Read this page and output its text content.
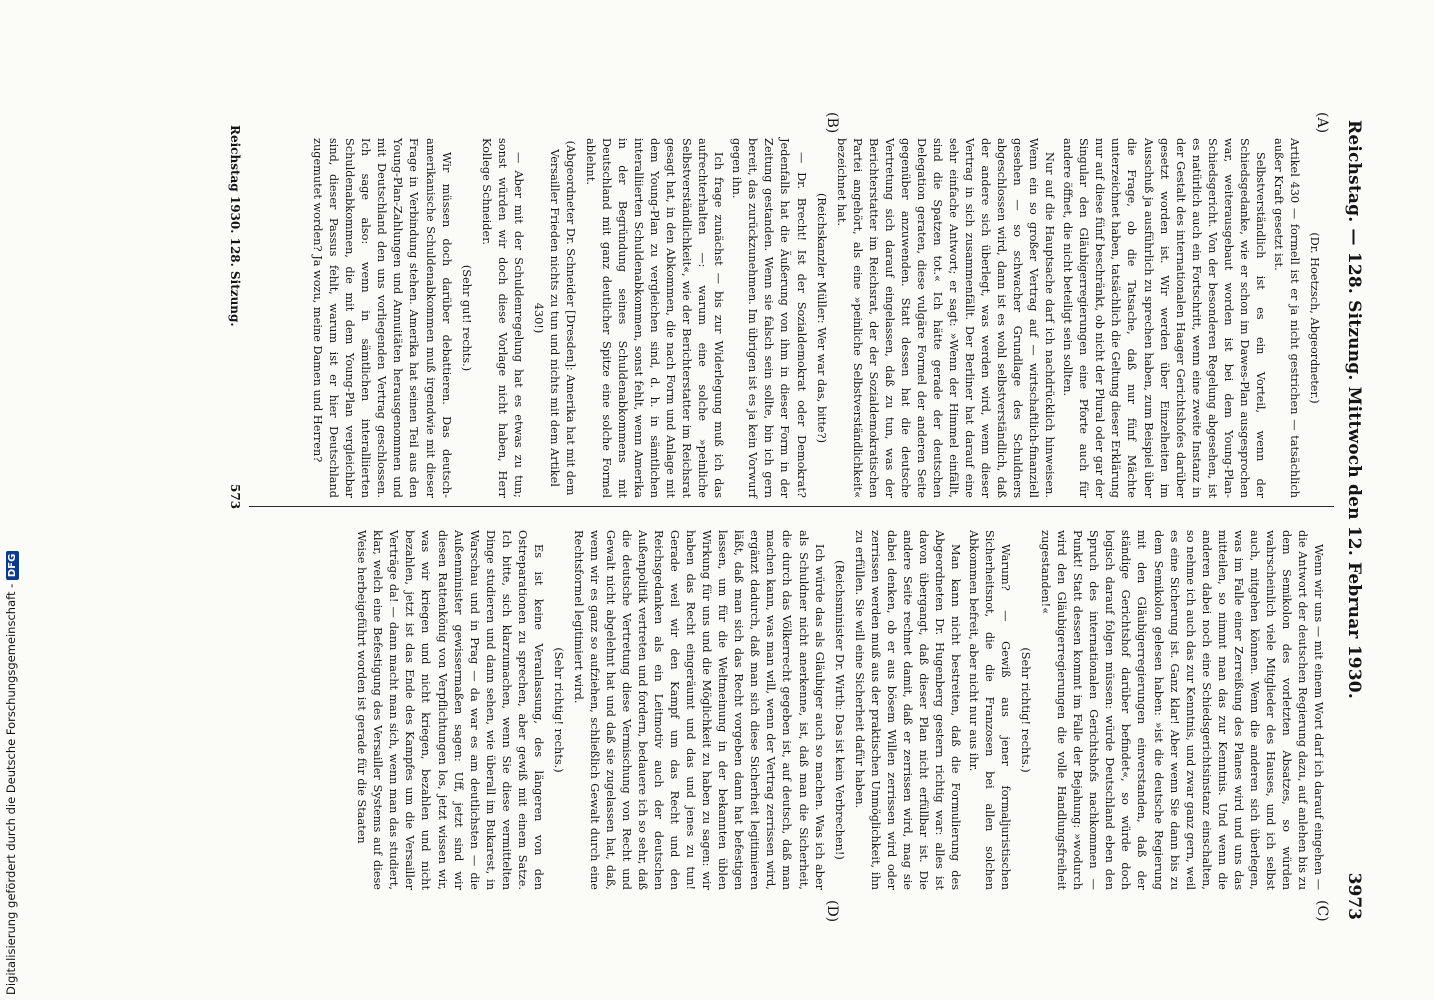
Reichstag. — 128. Sitzung. Mittwoch den 12. Februar 1930.
3973
(A)
(B)
(C)
(D)

(Dr. Hoetzsch, Abgeordneter.)

Artikel 430 — formell ist er ja nicht gestrichen — tatsächlich außer Kraft gesetzt ist.

Selbstverständlich ist es ein Vorteil, wenn der Schiedsgedanke, wie er schon im Dawes-Plan ausgesprochen war, weiterausgebaut worden ist bei dem Young-Plan-Schiedsgericht. Von der besonderen Regelung abgesehen, ist es natürlich auch ein Fortschritt, wenn eine zweite Instanz in der Gestalt des internationalen Haager Gerichtshofes darüber gesetzt worden ist. Wir werden über Einzelheiten im Ausschuß ja ausführlich zu sprechen haben, zum Beispiel über die Frage, ob die Tatsache, daß nur fünf Mächte unterzeichnet haben, tatsächlich die Geltung dieser Erklärung nur auf diese fünf beschränkt, ob nicht der Plural oder gar der Singular den Gläubigerregierungen eine Pforte auch für andere öffnet, die nicht beteiligt sein sollten.

Nur auf die Hauptsache darf ich nachdrücklich hinweisen. Wenn ein so großer Vertrag auf — wirtschaftlich-finanziell gesehen — so schwacher Grundlage des Schuldners abgeschlossen wird, dann ist es wohl selbstverständlich, daß der andere sich überlegt, was werden wird, wenn dieser Vertrag in sich zusammenfällt. Der Berliner hat darauf eine sehr einfache Antwort; er sagt: »Wenn der Himmel einfällt, sind die Spatzen tot.« Ich hätte gerade der deutschen Delegation geraten, diese vulgäre Formel der anderen Seite gegenüber anzuwenden. Statt dessen hat die deutsche Vertretung sich darauf eingelassen, daß zu tun, was der Berichterstatter im Reichsrat, der der Sozialdemokratischen Partei angehört, als eine »peinliche Selbstverständlichkeit« bezeichnet hat.

(Reichskanzler Müller: Wer war das, bitte?)

— Dr. Brecht! Ist der Sozialdemokrat oder Demokrat? Jedenfalls hat die Äußerung von ihm in dieser Form in der Zeitung gestanden. Wenn sie falsch sein sollte, bin ich gern bereit, das zurückzunehmen. Im übrigen ist es ja kein Vorwurf gegen ihn.

Ich frage zunächst — bis zur Widerlegung muß ich das aufrechterhalten —: warum eine solche »peinliche Selbstverständlichkeit«, wie der Berichterstatter im Reichsrat gesagt hat, in den Abkommen, die nach Form und Anlage mit dem Young-Plan zu vergleichen sind, d. h. in sämtlichen interalliierten Schuldenabkommen, sonst fehlt, wenn Amerika in der Begründung seines Schuldenabkommens mit Deutschland mit ganz deutlicher Spitze eine solche Formel ablehnt.

(Abgeordneter Dr. Schneider [Dresden]: Amerika hat mit dem Versailler Frieden nichts zu tun und nichts mit dem Artikel 430!)

— Aber mit der Schuldenregelung hat es etwas zu tun; sonst würden wir doch diese Vorlage nicht haben, Herr Kollege Schneider.

(Sehr gut! rechts.)

Wir müssen doch darüber debattieren. Das deutsch-amerikanische Schuldenabkommen muß irgendwie mit dieser Frage in Verbindung stehen. Amerika hat seinen Teil aus den Young-Plan-Zahlungen und Annuitäten herausgenommen und mit Deutschland den uns vorliegenden Vertrag geschlossen. Ich sage also: wenn in sämtlichen interalliierten Schuldenabkommen, die mit dem Young-Plan vergleichbar sind, dieser Passus fehlt, warum ist er hier Deutschland zugemutet worden? Ja wozu, meine Damen und Herren?

Wenn wir uns — mit einem Wort darf ich darauf eingehen — die Antwort der deutschen Regierung dazu, auf anlehen bis zu dem Semikolon des vorletzten Absatzes, so würden wahrscheinlich viele Mitglieder des Hauses, und ich selbst auch, mitgehen können. Wenn die anderen sich überlegen, was im Falle einer Zerreißung des Planes wird und uns das mitteilen, so nimmt man das zur Kenntnis. Und wenn die anderen dabei noch eine Schiedsgerichtsinstanz einschalten, so nehme ich auch das zur Kenntnis, und zwar ganz gern, weil es eine Sicherung ist. Ganz klar! Aber wenn Sie dann bis zu dem Semikolon gelesen haben: »ist die deutsche Regierung mit den Gläubigerregierungen einverstanden, daß der ständige Gerichtshof darüber befindet«, so würde doch logisch darauf folgen müssen: würde Deutschland eben den Spruch des internationalen Gerichtshofs nachkommen — Punkt! Statt dessen kommt im Falle der Bejahung: »wodurch wird den Gläubigerregierungen die volle Handlungsfreiheit zugestanden!«

(Sehr richtig! rechts.)

Warum? — Gewiß aus jener formaljuristischen Sicherheitsnot, die die Franzosen bei allen solchen Abkommen befreit, aber nicht nur aus ihr.

Man kann nicht bestreiten, daß die Formulierung des Abgeordneten Dr. Hugenberg gestern richtig war: alles ist davon übergangt, daß dieser Plan nicht erfüllbar ist. Die andere Seite rechnet damit, daß er zerrissen wird, mag sie dabei denken, ob er aus bösem Willen zerrissen wird oder zerrissen werden muß aus der praktischen Unmöglichkeit, ihn zu erfüllen. Sie will eine Sicherheit dafür haben.

(Reichsminister Dr. Wirth: Das ist kein Verbrechen!)

Ich würde das als Gläubiger auch so machen. Was ich aber als Schuldner nicht anerkenne, ist, daß man die Sicherheit, die durch das Völkerrecht gegeben ist, auf deutsch, daß man machen kann, was man will, wenn der Vertrag zerrissen wird, ergänzt dadurch, daß man sich diese Sicherheit legitimieren läßt, daß man sich das Recht vorgeben dann hat befestigen lassen, um für die Weltmeinung in der bekannten üblen Wirkung für uns und die Möglichkeit zu haben zu sagen: wir haben das Recht eingeräumt und das und jenes zu tun! Gerade weil wir den Kampf um das Recht und den Reichsgedanken als ein Leitmotiv auch der deutschen Außenpolitik vertreten und fordern, bedauere ich so sehr, daß die deutsche Vertretung diese Vermischung von Recht und Gewalt nicht abgelehnt hat und daß sie zugelassen hat, daß, wenn wir es ganz so aufziehen, schließlich Gewalt durch eine Rechtsformel legitimiert wird.

(Sehr richtig! rechts.)

Es ist keine Veranlassung, des längeren von den Ostreparationen zu sprechen, aber gewiß mit einem Satze. Ich bitte, sich klarzumachen, wenn Sie diese vermittelten Dinge studieren und dann sehen, wie überall im Bukarest, in Warschau und in Prag — da war es am deutlichsten — die Außenminister gewissermaßen sagen: Uff, jetzt sind wir diesen Rattenkönig von Verpflichtungen los, jetzt wissen wir, was wir kriegen und nicht kriegen, bezahlen und nicht bezahlen, jetzt ist das Ende des Kampfes um die Versailler Verträge da! — dann macht man sich, wenn man das studiert, klar, welch eine Befestigung des Versailler Systems auf diese Weise herbeigeführt worden ist gerade für die Staaten

Reichstag 1930. 128. Sitzung.
573
Digitalisierung gefördert durch die Deutsche Forschungsgemeinschaft - DFG
